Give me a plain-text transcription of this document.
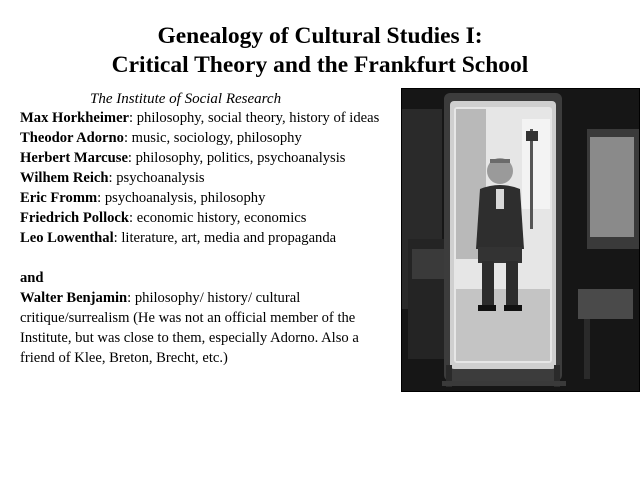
Genealogy of Cultural Studies I:
Critical Theory and the Frankfurt School
The Institute of Social Research

Max Horkheimer: philosophy, social theory, history of ideas

Theodor Adorno: music, sociology, philosophy

Herbert Marcuse: philosophy, politics, psychoanalysis

Wilhem Reich: psychoanalysis

Eric Fromm: psychoanalysis, philosophy

Friedrich Pollock: economic history, economics

Leo Lowenthal: literature, art, media and propaganda

and

Walter Benjamin: philosophy/ history/ cultural critique/surrealism (He was not an official member of the Institute, but was close to them, especially Adorno. Also a friend of Klee, Breton, Brecht, etc.)
